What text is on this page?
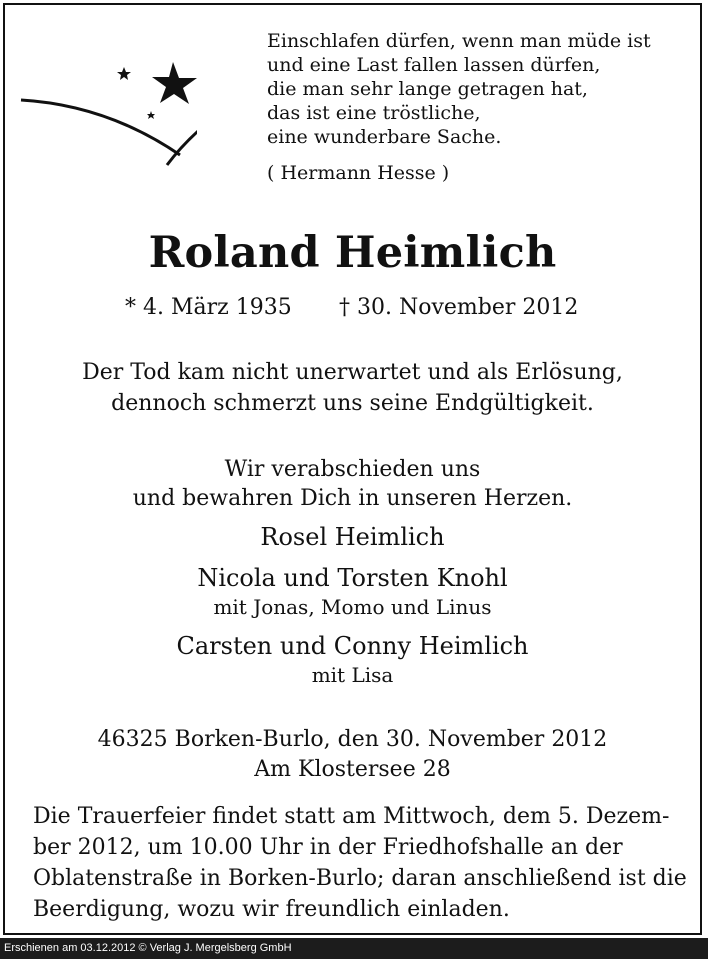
Einschlafen dürfen, wenn man müde ist
und eine Last fallen lassen dürfen,
die man sehr lange getragen hat,
das ist eine tröstliche,
eine wunderbare Sache.
( Hermann Hesse )
Roland Heimlich
* 4. März 1935 † 30. November 2012
Der Tod kam nicht unerwartet und als Erlösung,
dennoch schmerzt uns seine Endgültigkeit.
Wir verabschieden uns
und bewahren Dich in unseren Herzen.
Rosel Heimlich
Nicola und Torsten Knohl
mit Jonas, Momo und Linus
Carsten und Conny Heimlich
mit Lisa
46325 Borken-Burlo, den 30. November 2012
Am Klostersee 28
Die Trauerfeier findet statt am Mittwoch, dem 5. Dezem-
ber 2012, um 10.00 Uhr in der Friedhofshalle an der
Oblatenstraße in Borken-Burlo; daran anschließend ist die
Beerdigung, wozu wir freundlich einladen.
Erschienen am 03.12.2012 © Verlag J. Mergelsberg GmbH
